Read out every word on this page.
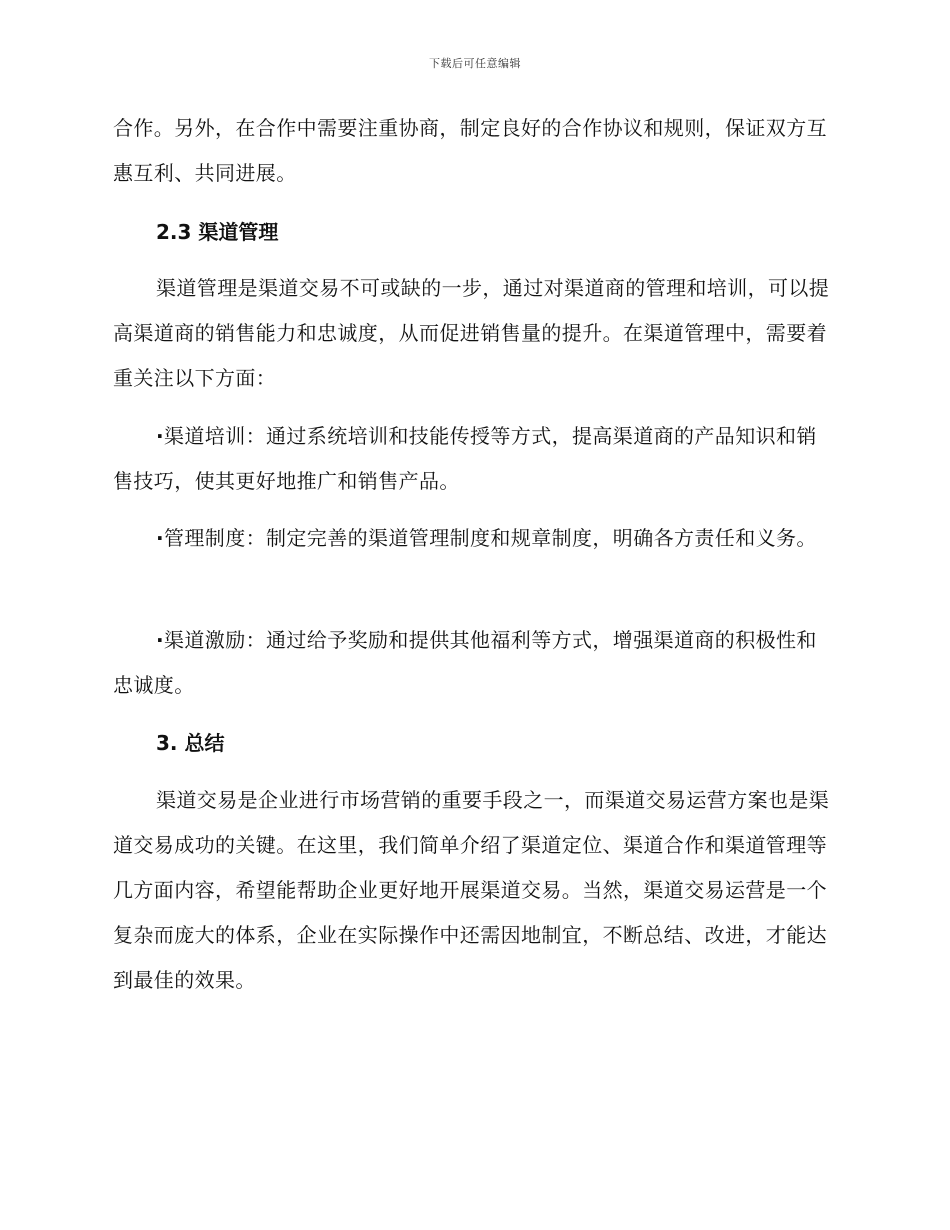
下载后可任意编辑
合作。另外，在合作中需要注重协商，制定良好的合作协议和规则，保证双方互惠互利、共同进展。
2.3 渠道管理
渠道管理是渠道交易不可或缺的一步，通过对渠道商的管理和培训，可以提高渠道商的销售能力和忠诚度，从而促进销售量的提升。在渠道管理中，需要着重关注以下方面：
·渠道培训：通过系统培训和技能传授等方式，提高渠道商的产品知识和销售技巧，使其更好地推广和销售产品。
·管理制度：制定完善的渠道管理制度和规章制度，明确各方责任和义务。
·渠道激励：通过给予奖励和提供其他福利等方式，增强渠道商的积极性和忠诚度。
3. 总结
渠道交易是企业进行市场营销的重要手段之一，而渠道交易运营方案也是渠道交易成功的关键。在这里，我们简单介绍了渠道定位、渠道合作和渠道管理等几方面内容，希望能帮助企业更好地开展渠道交易。当然，渠道交易运营是一个复杂而庞大的体系，企业在实际操作中还需因地制宜，不断总结、改进，才能达到最佳的效果。
